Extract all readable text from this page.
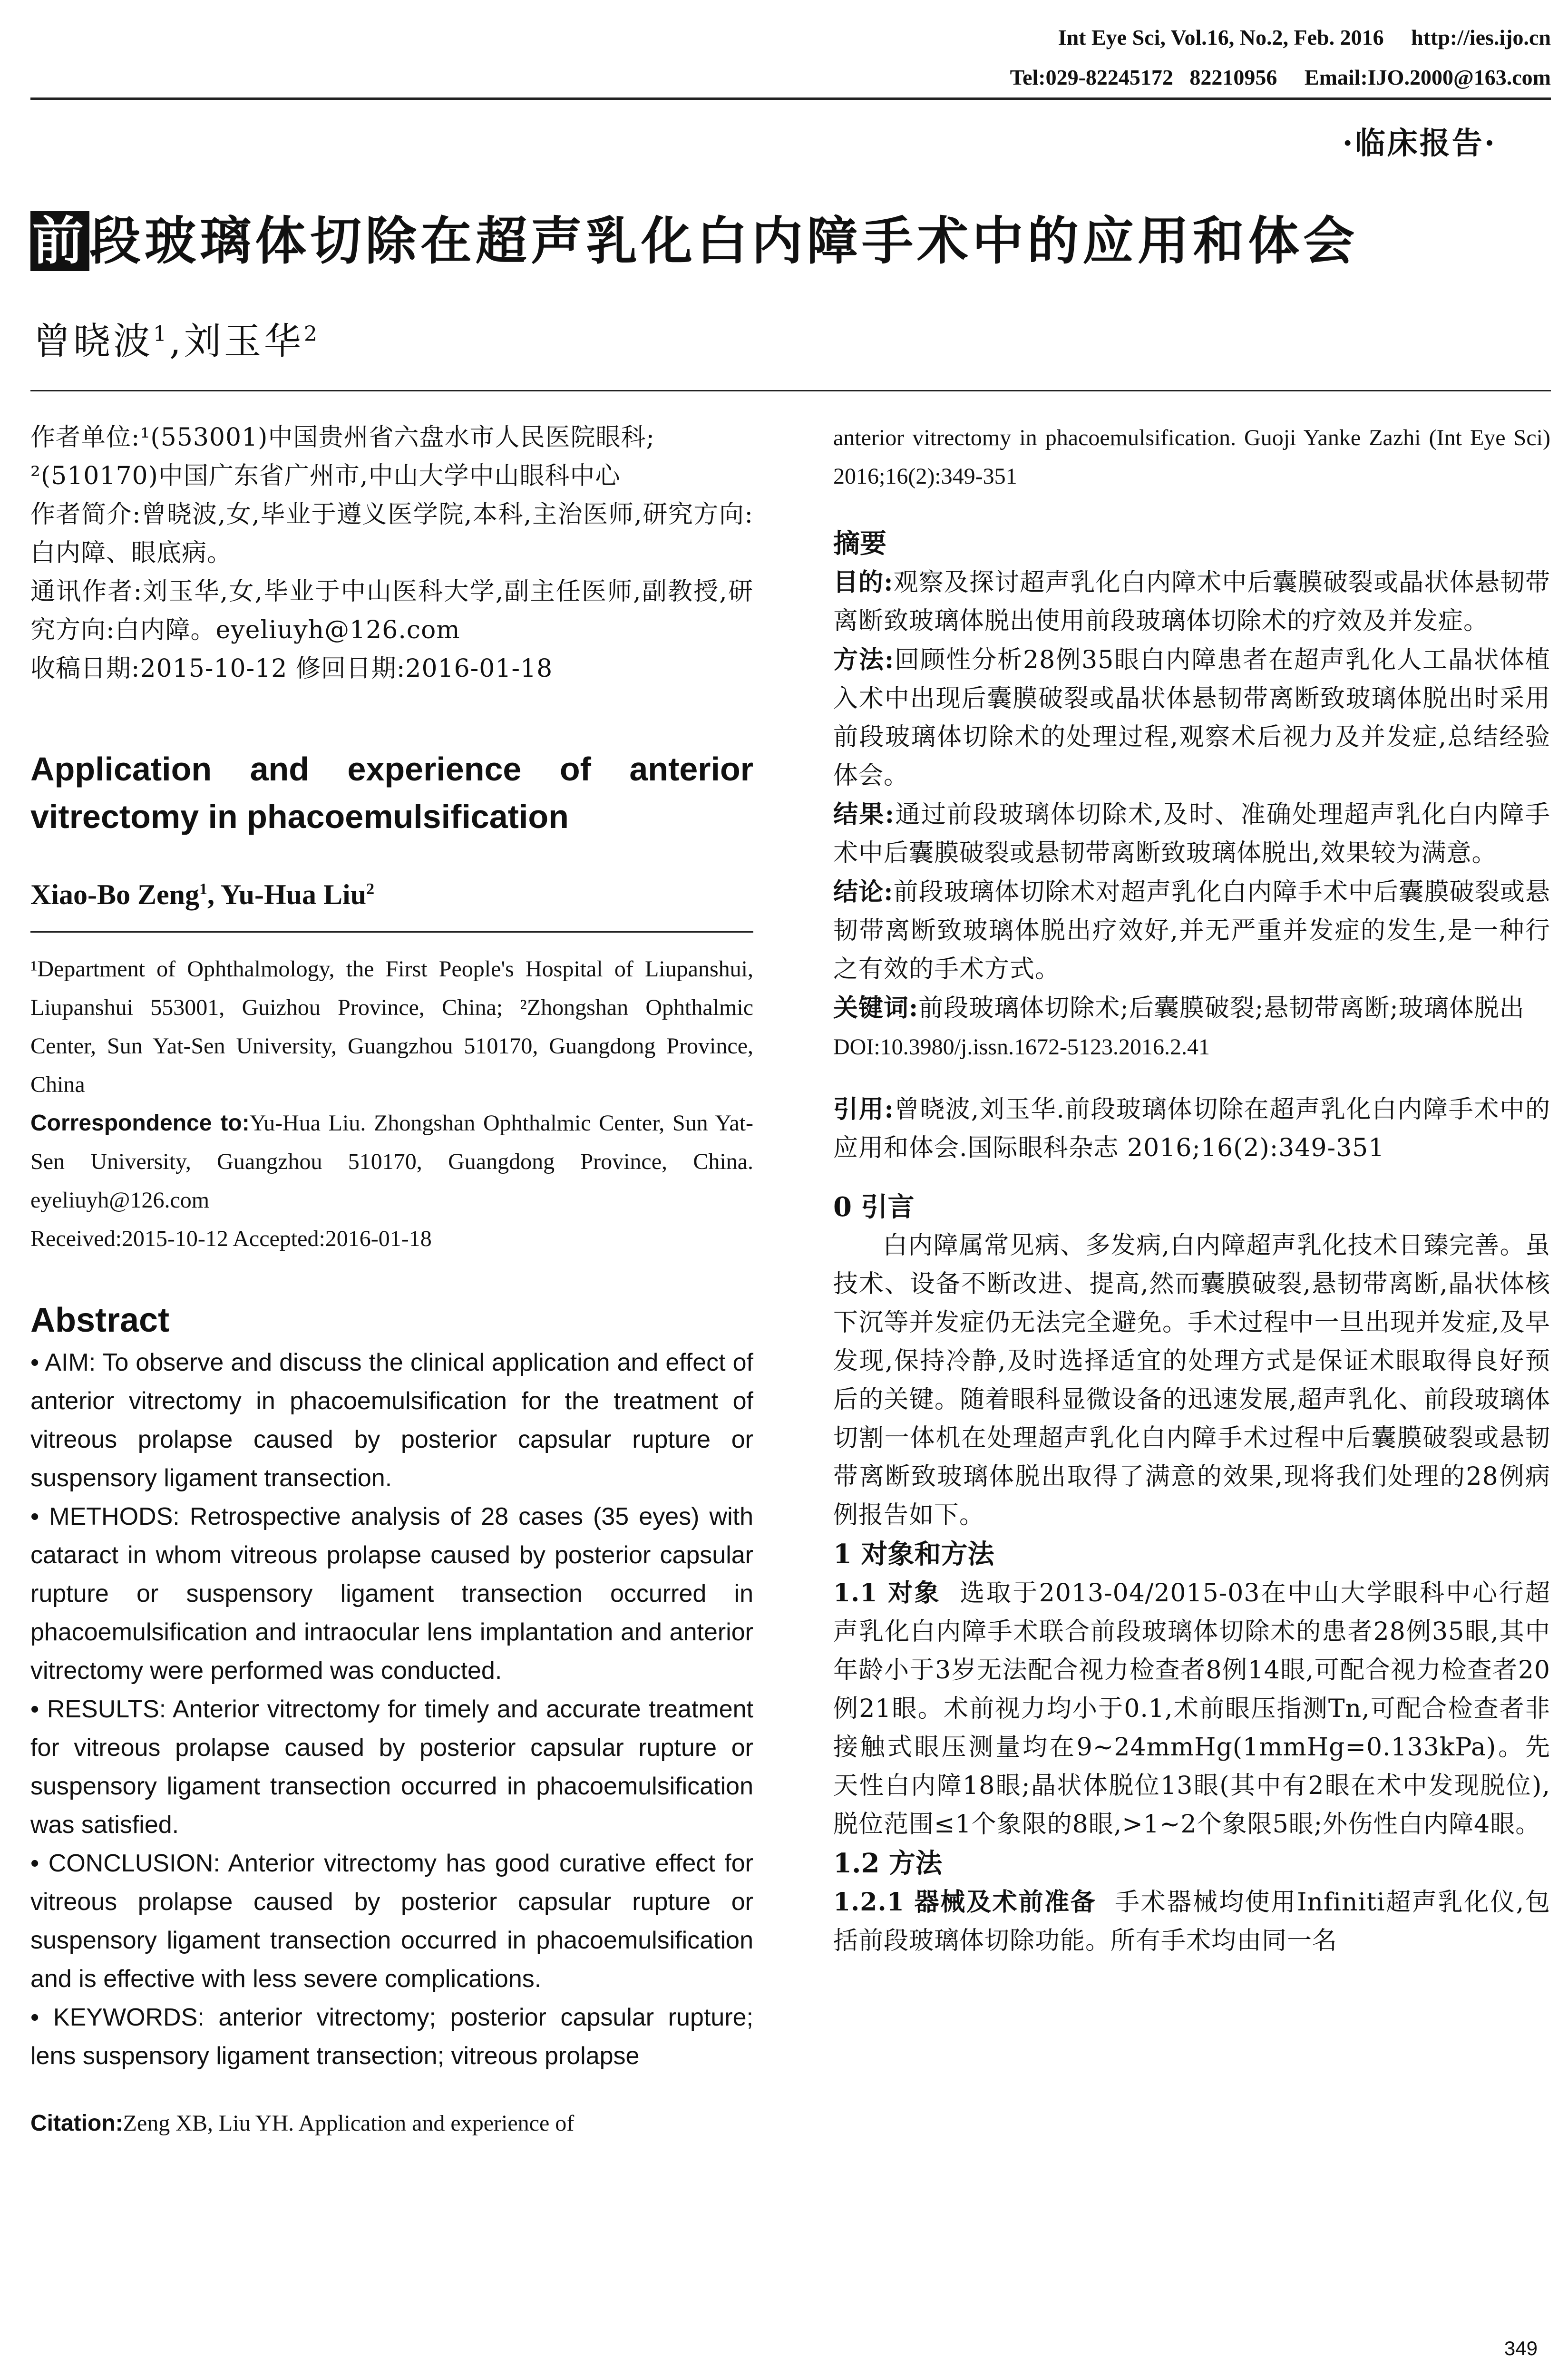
Int Eye Sci, Vol.16, No.2, Feb. 2016     http://ies.ijo.cn
Tel:029-82245172   82210956     Email:IJO.2000@163.com
·临床报告·
前段玻璃体切除在超声乳化白内障手术中的应用和体会
曾晓波$^1$,刘玉华$^2$

作者单位:¹(553001)中国贵州省六盘水市人民医院眼科;

²(510170)中国广东省广州市,中山大学中山眼科中心

作者简介:曾晓波,女,毕业于遵义医学院,本科,主治医师,研究方向:白内障、眼底病。

通讯作者:刘玉华,女,毕业于中山医科大学,副主任医师,副教授,研究方向:白内障。eyeliuyh@126.com

收稿日期:2015-10-12 修回日期:2016-01-18

Application and experience of anterior vitrectomy in phacoemulsification

Xiao-Bo Zeng$^1$, Yu-Hua Liu$^2$

¹Department of Ophthalmology, the First People's Hospital of Liupanshui, Liupanshui 553001, Guizhou Province, China; ²Zhongshan Ophthalmic Center, Sun Yat-Sen University, Guangzhou 510170, Guangdong Province, China

Correspondence to:Yu-Hua Liu. Zhongshan Ophthalmic Center, Sun Yat-Sen University, Guangzhou 510170, Guangdong Province, China. eyeliuyh@126.com

Received:2015-10-12 Accepted:2016-01-18

Abstract

• AIM: To observe and discuss the clinical application and effect of anterior vitrectomy in phacoemulsification for the treatment of vitreous prolapse caused by posterior capsular rupture or suspensory ligament transection.

• METHODS: Retrospective analysis of 28 cases (35 eyes) with cataract in whom vitreous prolapse caused by posterior capsular rupture or suspensory ligament transection occurred in phacoemulsification and intraocular lens implantation and anterior vitrectomy were performed was conducted.

• RESULTS: Anterior vitrectomy for timely and accurate treatment for vitreous prolapse caused by posterior capsular rupture or suspensory ligament transection occurred in phacoemulsification was satisfied.

• CONCLUSION: Anterior vitrectomy has good curative effect for vitreous prolapse caused by posterior capsular rupture or suspensory ligament transection occurred in phacoemulsification and is effective with less severe complications.

• KEYWORDS: anterior vitrectomy; posterior capsular rupture; lens suspensory ligament transection; vitreous prolapse

Citation:Zeng XB, Liu YH. Application and experience of

anterior vitrectomy in phacoemulsification. Guoji Yanke Zazhi (Int Eye Sci) 2016;16(2):349-351

摘要

目的:观察及探讨超声乳化白内障术中后囊膜破裂或晶状体悬韧带离断致玻璃体脱出使用前段玻璃体切除术的疗效及并发症。

方法:回顾性分析28例35眼白内障患者在超声乳化人工晶状体植入术中出现后囊膜破裂或晶状体悬韧带离断致玻璃体脱出时采用前段玻璃体切除术的处理过程,观察术后视力及并发症,总结经验体会。

结果:通过前段玻璃体切除术,及时、准确处理超声乳化白内障手术中后囊膜破裂或悬韧带离断致玻璃体脱出,效果较为满意。

结论:前段玻璃体切除术对超声乳化白内障手术中后囊膜破裂或悬韧带离断致玻璃体脱出疗效好,并无严重并发症的发生,是一种行之有效的手术方式。

关键词:前段玻璃体切除术;后囊膜破裂;悬韧带离断;玻璃体脱出

DOI:10.3980/j.issn.1672-5123.2016.2.41

引用:曾晓波,刘玉华.前段玻璃体切除在超声乳化白内障手术中的应用和体会.国际眼科杂志 2016;16(2):349-351

0 引言

白内障属常见病、多发病,白内障超声乳化技术日臻完善。虽技术、设备不断改进、提高,然而囊膜破裂,悬韧带离断,晶状体核下沉等并发症仍无法完全避免。手术过程中一旦出现并发症,及早发现,保持冷静,及时选择适宜的处理方式是保证术眼取得良好预后的关键。随着眼科显微设备的迅速发展,超声乳化、前段玻璃体切割一体机在处理超声乳化白内障手术过程中后囊膜破裂或悬韧带离断致玻璃体脱出取得了满意的效果,现将我们处理的28例病例报告如下。

1 对象和方法

1.1 对象 选取于2013-04/2015-03在中山大学眼科中心行超声乳化白内障手术联合前段玻璃体切除术的患者28例35眼,其中年龄小于3岁无法配合视力检查者8例14眼,可配合视力检查者20例21眼。术前视力均小于0.1,术前眼压指测Tn,可配合检查者非接触式眼压测量均在9~24mmHg(1mmHg=0.133kPa)。先天性白内障18眼;晶状体脱位13眼(其中有2眼在术中发现脱位),脱位范围≤1个象限的8眼,>1~2个象限5眼;外伤性白内障4眼。

1.2 方法

1.2.1 器械及术前准备 手术器械均使用Infiniti超声乳化仪,包括前段玻璃体切除功能。所有手术均由同一名

349
